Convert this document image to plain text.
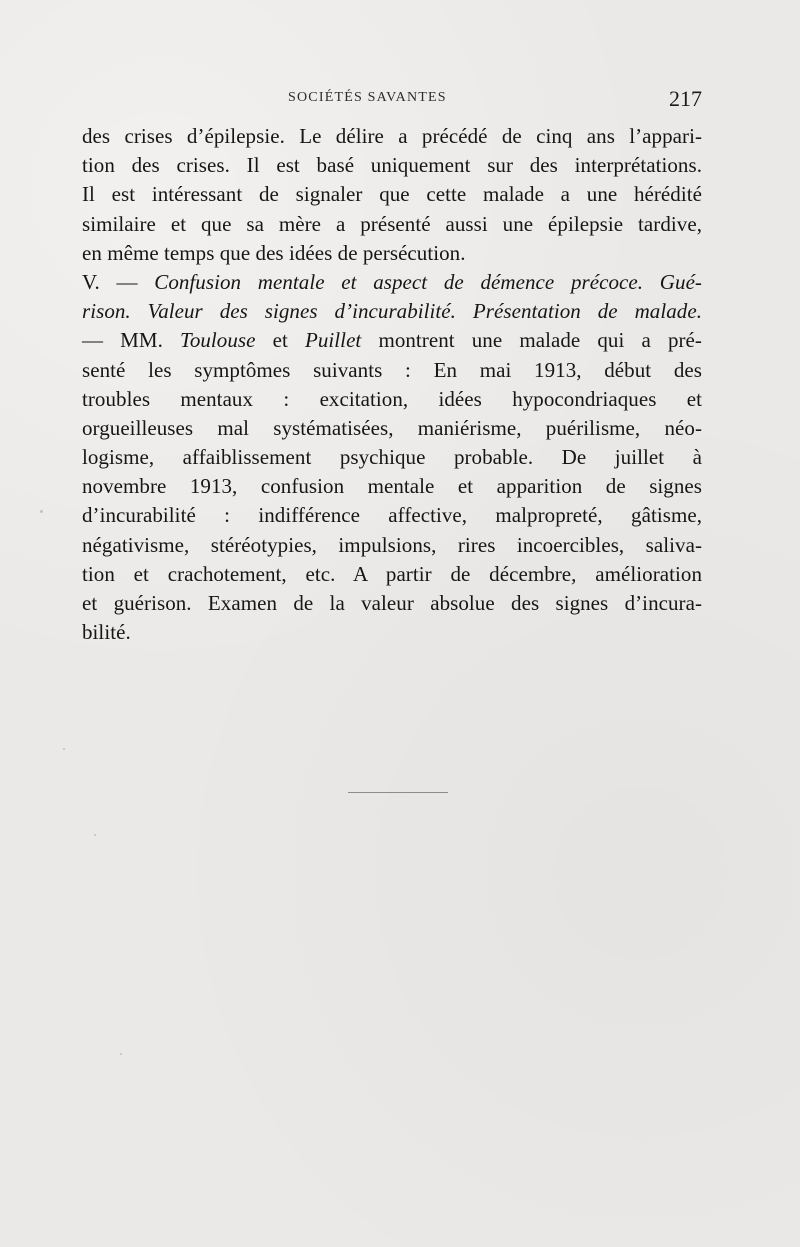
SOCIÉTÉS SAVANTES	217
des crises d’épilepsie. Le délire a précédé de cinq ans l’appari-
tion des crises. Il est basé uniquement sur des interprétations.
Il est intéressant de signaler que cette malade a une hérédité
similaire et que sa mère a présenté aussi une épilepsie tardive,
en même temps que des idées de persécution.
V. — Confusion mentale et aspect de démence précoce. Gué-
rison. Valeur des signes d’incurabilité. Présentation de malade.
— MM. Toulouse et Puillet montrent une malade qui a pré-
senté les symptômes suivants : En mai 1913, début des
troubles mentaux : excitation, idées hypocondriaques et
orgueilleuses mal systématisées, maniérisme, puérilisme, néo-
logisme, affaiblissement psychique probable. De juillet à
novembre 1913, confusion mentale et apparition de signes
d’incurabilité : indifférence affective, malpropreté, gâtisme,
négativisme, stéréotypies, impulsions, rires incoercibles, saliva-
tion et crachotement, etc. A partir de décembre, amélioration
et guérison. Examen de la valeur absolue des signes d’incura-
bilité.
